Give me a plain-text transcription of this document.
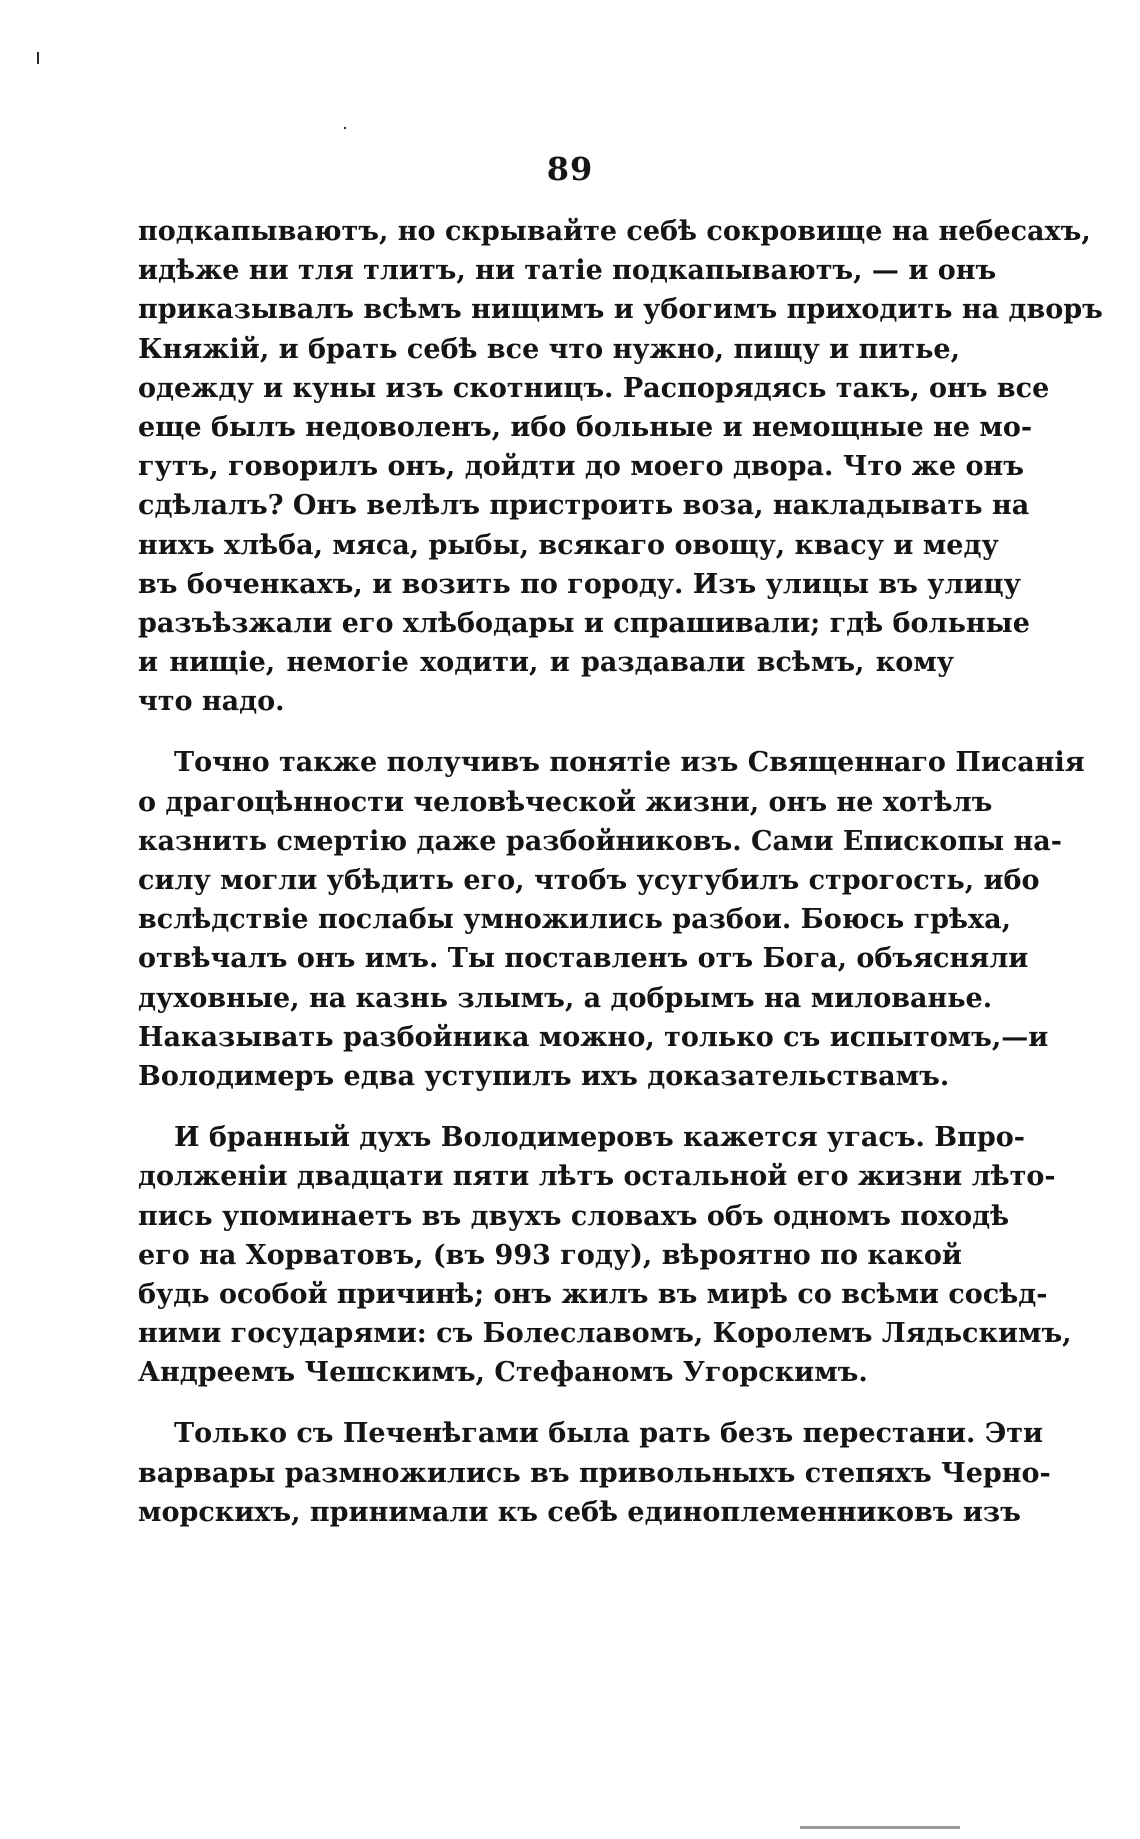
89
подкапываютъ, но скрывайте себѣ сокровище на небесахъ,
идѣже ни тля тлитъ, ни татіе подкапываютъ, — и онъ
приказывалъ всѣмъ нищимъ и убогимъ приходить на дворъ
Княжій, и брать себѣ все что нужно, пищу и питье,
одежду и куны изъ скотницъ. Распорядясь такъ, онъ все
еще былъ недоволенъ, ибо больные и немощные не мо-
гутъ, говорилъ онъ, дойдти до моего двора. Что же онъ
сдѣлалъ? Онъ велѣлъ пристроить воза, накладывать на
нихъ хлѣба, мяса, рыбы, всякаго овощу, квасу и меду
въ боченкахъ, и возить по городу. Изъ улицы въ улицу
разъѣзжали его хлѣбодары и спрашивали; гдѣ больные
и нищіе, немогіе ходити, и раздавали всѣмъ, кому
что надо.
Точно также получивъ понятіе изъ Священнаго Писанія
о драгоцѣнности человѣческой жизни, онъ не хотѣлъ
казнить смертію даже разбойниковъ. Сами Епископы на-
силу могли убѣдить его, чтобъ усугубилъ строгость, ибо
вслѣдствіе послабы умножились разбои. Боюсь грѣха,
отвѣчалъ онъ имъ. Ты поставленъ отъ Бога, объясняли
духовные, на казнь злымъ, а добрымъ на милованье.
Наказывать разбойника можно, только съ испытомъ,—и
Володимеръ едва уступилъ ихъ доказательствамъ.
И бранный духъ Володимеровъ кажется угасъ. Впро-
долженіи двадцати пяти лѣтъ остальной его жизни лѣто-
пись упоминаетъ въ двухъ словахъ объ одномъ походѣ
его на Хорватовъ, (въ 993 году), вѣроятно по какой
будь особой причинѣ; онъ жилъ въ мирѣ со всѣми сосѣд-
ними государями: съ Болеславомъ, Королемъ Лядьскимъ,
Андреемъ Чешскимъ, Стефаномъ Угорскимъ.
Только съ Печенѣгами была рать безъ перестани. Эти
варвары размножились въ привольныхъ степяхъ Черно-
морскихъ, принимали къ себѣ единоплеменниковъ изъ
